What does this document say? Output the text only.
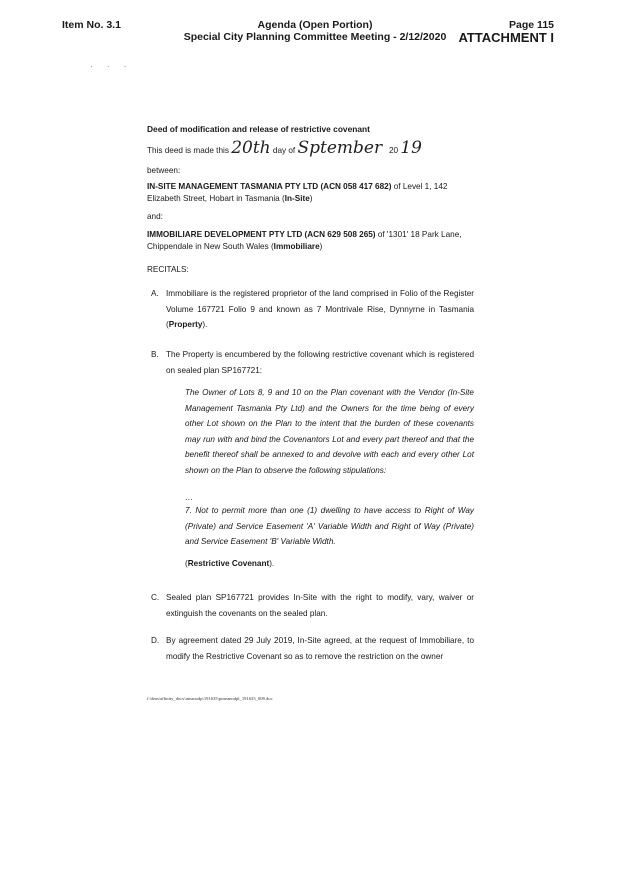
Item No. 3.1	Agenda (Open Portion)
Special City Planning Committee Meeting - 2/12/2020
Page 115
ATTACHMENT I
· · ·
Deed of modification and release of restrictive covenant
This deed is made this 20th day of Sptember 20 19
between:
IN-SITE MANAGEMENT TASMANIA PTY LTD (ACN 058 417 682) of Level 1, 142 Elizabeth Street, Hobart in Tasmania (In-Site)
and:
IMMOBILIARE DEVELOPMENT PTY LTD (ACN 629 508 265) of '1301' 18 Park Lane, Chippendale in New South Wales (Immobiliare)
RECITALS:
A. Immobiliare is the registered proprietor of the land comprised in Folio of the Register Volume 167721 Folio 9 and known as 7 Montrivale Rise, Dynnyrne in Tasmania (Property).
B. The Property is encumbered by the following restrictive covenant which is registered on sealed plan SP167721:
The Owner of Lots 8, 9 and 10 on the Plan covenant with the Vendor (In-Site Management Tasmania Pty Ltd) and the Owners for the time being of every other Lot shown on the Plan to the intent that the burden of these covenants may run with and bind the Covenantors Lot and every part thereof and that the benefit thereof shall be annexed to and devolve with each and every other Lot shown on the Plan to observe the following stipulations:
…
7. Not to permit more than one (1) dwelling to have access to Right of Way (Private) and Service Easement 'A' Variable Width and Right of Way (Private) and Service Easement 'B' Variable Width.
(Restrictive Covenant).
C. Sealed plan SP167721 provides In-Site with the right to modify, vary, waiver or extinguish the covenants on the sealed plan.
D. By agreement dated 29 July 2019, In-Site agreed, at the request of Immobiliare, to modify the Restrictive Covenant so as to remove the restriction on the owner
f:\dms\affinity_docs\imsmodp\191635\pimsmodpl_191635_008.doc
